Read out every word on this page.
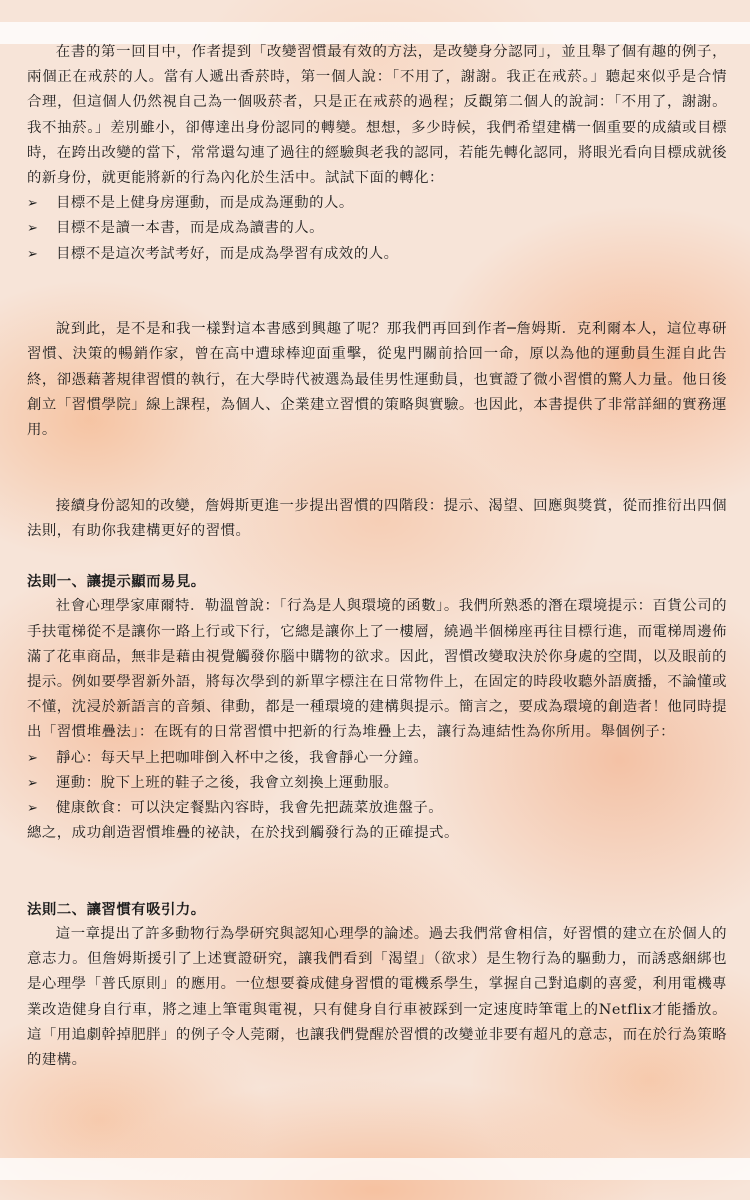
在書的第一回目中，作者提到「改變習慣最有效的方法，是改變身分認同」，並且舉了個有趣的例子，兩個正在戒菸的人。當有人遞出香菸時，第一個人說：「不用了，謝謝。我正在戒菸。」聽起來似乎是合情合理，但這個人仍然視自己為一個吸菸者，只是正在戒菸的過程；反觀第二個人的說詞：「不用了，謝謝。我不抽菸。」差別雖小，卻傳達出身份認同的轉變。想想，多少時候，我們希望建構一個重要的成績或目標時，在跨出改變的當下，常常還勾連了過往的經驗與老我的認同，若能先轉化認同，將眼光看向目標成就後的新身份，就更能將新的行為內化於生活中。試試下面的轉化：

➢	目標不是上健身房運動，而是成為運動的人。
➢	目標不是讀一本書，而是成為讀書的人。
➢	目標不是這次考試考好，而是成為學習有成效的人。

說到此，是不是和我一樣對這本書感到興趣了呢？那我們再回到作者─詹姆斯．克利爾本人，這位專研習慣、決策的暢銷作家，曾在高中遭球棒迎面重擊，從鬼門關前拾回一命，原以為他的運動員生涯自此告終，卻憑藉著規律習慣的執行，在大學時代被選為最佳男性運動員，也實證了微小習慣的驚人力量。他日後創立「習慣學院」線上課程，為個人、企業建立習慣的策略與實驗。也因此，本書提供了非常詳細的實務運用。

接續身份認知的改變，詹姆斯更進一步提出習慣的四階段：提示、渴望、回應與獎賞，從而推衍出四個法則，有助你我建構更好的習慣。

法則一、讓提示顯而易見。

社會心理學家庫爾特．勒溫曾說：「行為是人與環境的函數」。我們所熟悉的潛在環境提示：百貨公司的手扶電梯從不是讓你一路上行或下行，它總是讓你上了一樓層，繞過半個梯座再往目標行進，而電梯周邊佈滿了花車商品，無非是藉由視覺觸發你腦中購物的欲求。因此，習慣改變取決於你身處的空間，以及眼前的提示。例如要學習新外語，將每次學到的新單字標注在日常物件上，在固定的時段收聽外語廣播，不論懂或不懂，沈浸於新語言的音頻、律動，都是一種環境的建構與提示。簡言之，要成為環境的創造者！他同時提出「習慣堆疊法」：在既有的日常習慣中把新的行為堆疊上去，讓行為連結性為你所用。舉個例子：

➢	靜心：每天早上把咖啡倒入杯中之後，我會靜心一分鐘。
➢	運動：脫下上班的鞋子之後，我會立刻換上運動服。
➢	健康飲食：可以決定餐點內容時，我會先把蔬菜放進盤子。

總之，成功創造習慣堆疊的祕訣，在於找到觸發行為的正確提式。

法則二、讓習慣有吸引力。

這一章提出了許多動物行為學研究與認知心理學的論述。過去我們常會相信，好習慣的建立在於個人的意志力。但詹姆斯援引了上述實證研究，讓我們看到「渴望」（欲求）是生物行為的驅動力，而誘惑綑綁也是心理學「普氏原則」的應用。一位想要養成健身習慣的電機系學生，掌握自己對追劇的喜愛，利用電機專業改造健身自行車，將之連上筆電與電視，只有健身自行車被踩到一定速度時筆電上的Netflix才能播放。這「用追劇幹掉肥胖」的例子令人莞爾，也讓我們覺醒於習慣的改變並非要有超凡的意志，而在於行為策略的建構。
